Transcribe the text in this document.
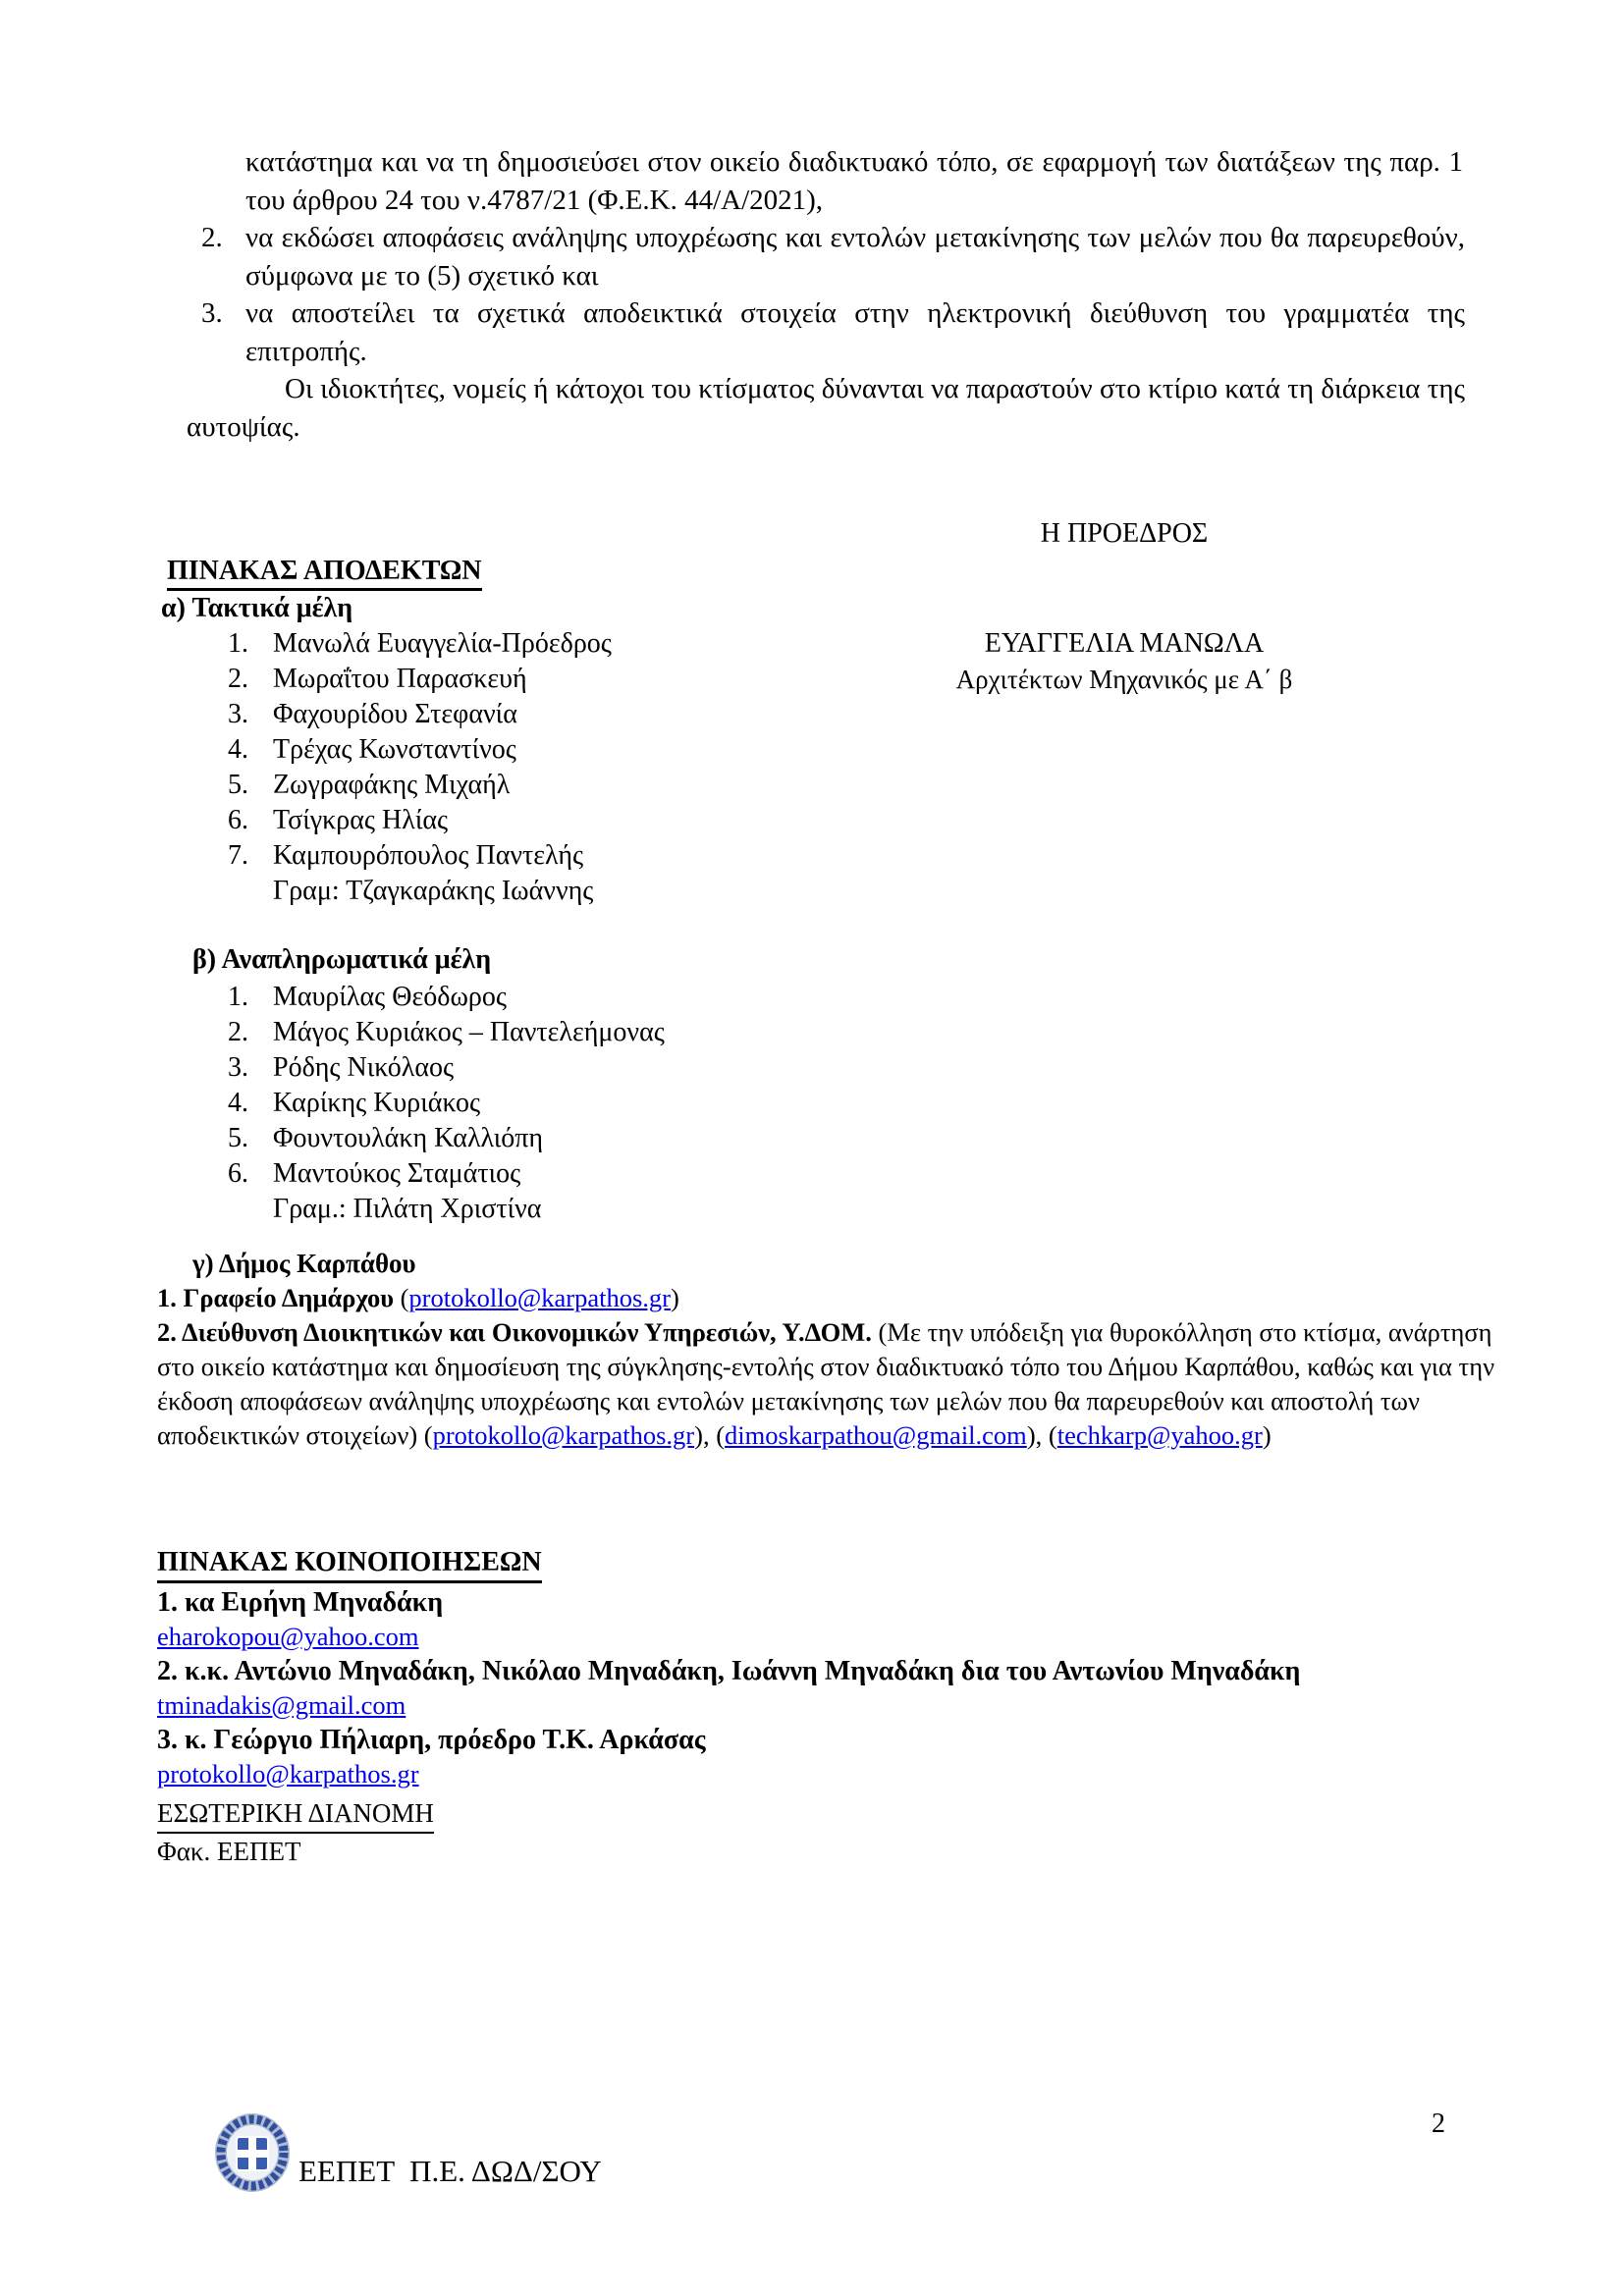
κατάστημα και να τη δημοσιεύσει στον οικείο διαδικτυακό τόπο, σε εφαρμογή των διατάξεων της παρ. 1 του άρθρου 24 του ν.4787/21 (Φ.Ε.Κ. 44/Α/2021),

2. να εκδώσει αποφάσεις ανάληψης υποχρέωσης και εντολών μετακίνησης των μελών που θα παρευρεθούν, σύμφωνα με το (5) σχετικό και

3. να αποστείλει τα σχετικά αποδεικτικά στοιχεία στην ηλεκτρονική διεύθυνση του γραμματέα της επιτροπής.

Οι ιδιοκτήτες, νομείς ή κάτοχοι του κτίσματος δύνανται να παραστούν στο κτίριο κατά τη διάρκεια της αυτοψίας.

Η ΠΡΟΕΔΡΟΣ
ΠΙΝΑΚΑΣ ΑΠΟΔΕΚΤΩΝ
α) Τακτικά μέλη
1. Μανωλά Ευαγγελία-Πρόεδρος
2. Μωραΐτου Παρασκευή
3. Φαχουρίδου Στεφανία
4. Τρέχας Κωνσταντίνος
5. Ζωγραφάκης Μιχαήλ
6. Τσίγκρας Ηλίας
7. Καμπουρόπουλος Παντελής
Γραμ: Τζαγκαράκης Ιωάννης
ΕΥΑΓΓΕΛΙΑ ΜΑΝΩΛΑ
Αρχιτέκτων Μηχανικός με Α΄ β
β) Αναπληρωματικά μέλη
1. Μαυρίλας Θεόδωρος
2. Μάγος Κυριάκος – Παντελεήμονας
3. Ρόδης Νικόλαος
4. Καρίκης Κυριάκος
5. Φουντουλάκη Καλλιόπη
6. Μαντούκος Σταμάτιος
Γραμ.: Πιλάτη Χριστίνα
γ) Δήμος Καρπάθου

1. Γραφείο Δημάρχου (protokollo@karpathos.gr)

2. Διεύθυνση Διοικητικών και Οικονομικών Υπηρεσιών, Υ.ΔΟΜ. (Με την υπόδειξη για θυροκόλληση στο κτίσμα, ανάρτηση στο οικείο κατάστημα και δημοσίευση της σύγκλησης-εντολής στον διαδικτυακό τόπο του Δήμου Καρπάθου, καθώς και για την έκδοση αποφάσεων ανάληψης υποχρέωσης και εντολών μετακίνησης των μελών που θα παρευρεθούν και αποστολή των αποδεικτικών στοιχείων) (protokollo@karpathos.gr), (dimoskarpathou@gmail.com), (techkarp@yahoo.gr)

ΠΙΝΑΚΑΣ ΚΟΙΝΟΠΟΙΗΣΕΩΝ
1. κα Ειρήνη Μηναδάκη
eharokopou@yahoo.com
2. κ.κ. Αντώνιο Μηναδάκη, Νικόλαο Μηναδάκη, Ιωάννη Μηναδάκη δια του Αντωνίου Μηναδάκη
tminadakis@gmail.com
3. κ. Γεώργιο Πήλιαρη, πρόεδρο Τ.Κ. Αρκάσας
protokollo@karpathos.gr
ΕΣΩΤΕΡΙΚΗ ΔΙΑΝΟΜΗ
Φακ. ΕΕΠΕΤ
ΕΕΠΕΤ  Π.Ε. ΔΩΔ/ΣΟΥ
2
